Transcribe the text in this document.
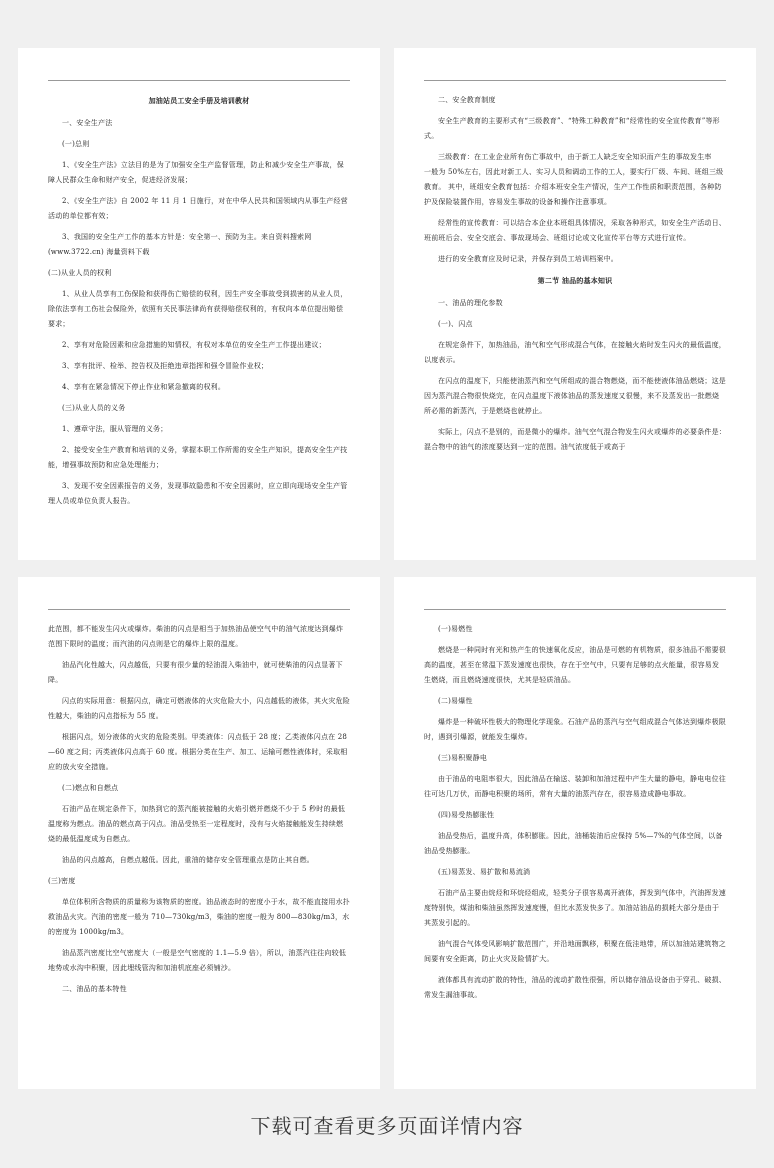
加油站员工安全手册及培训教材

一、安全生产法

(一)总则

1、《安全生产法》立法目的是为了加强安全生产监督管理，防止和减少安全生产事故，保障人民群众生命和财产安全，促进经济发展；

2、《安全生产法》自 2002 年 11 月 1 日施行，对在中华人民共和国领域内从事生产经营活动的单位都有效；

3、我国的安全生产工作的基本方针是：安全第一、预防为主。来自资料搜索网(www.3722.cn) 海量资料下载

(二)从业人员的权利

1、从业人员享有工伤保险和获得伤亡赔偿的权利，因生产安全事故受到损害的从业人员，除依法享有工伤社会保险外，依照有关民事法律尚有获得赔偿权利的，有权向本单位提出赔偿要求；

2、享有对危险因素和应急措施的知情权，有权对本单位的安全生产工作提出建议；

3、享有批评、检举、控告权及拒绝违章指挥和强令冒险作业权；

4、享有在紧急情况下停止作业和紧急撤离的权利。

(三)从业人员的义务

1、遵章守法，服从管理的义务；

2、接受安全生产教育和培训的义务，掌握本职工作所需的安全生产知识，提高安全生产技能，增强事故预防和应急处理能力；

3、发现不安全因素报告的义务，发现事故隐患和不安全因素时，应立即向现场安全生产管理人员或单位负责人报告。

二、安全教育制度

安全生产教育的主要形式有“三级教育”、“特殊工种教育”和“经常性的安全宣传教育”等形式。

三级教育：在工业企业所有伤亡事故中，由于新工人缺乏安全知识而产生的事故发生率　　　　一般为 50%左右，因此对新工人、实习人员和调动工作的工人，要实行厂级、车间、班组三级教育。 其中，班组安全教育包括：介绍本班安全生产情况，生产工作性质和职责范围，各种防护及保险装置作用，容易发生事故的设备和操作注意事项。

经常性的宣传教育：可以结合本企业本班组具体情况，采取各种形式，如安全生产活动日、班前班后会、安全交底会、事故现场会、班组讨论或文化宣传平台等方式进行宣传。

进行的安全教育应及时记录，并保存到员工培训档案中。

第二节 油品的基本知识

一、油品的理化参数

(一)、闪点

在规定条件下，加热油品，油气和空气形成混合气体，在接触火焰时发生闪火的最低温度，以度表示。

在闪点的温度下，只能使油蒸汽和空气所组成的混合物燃烧，而不能使液体油品燃烧；这是因为蒸汽混合物很快烧完，在闪点温度下液体油品的蒸发速度又很慢，来不及蒸发出一批燃烧所必需的新蒸汽，于是燃烧也就停止。

实际上，闪点不是别的，而是微小的爆炸。油气空气混合物发生闪火或爆炸的必要条件是：混合物中的油气的浓度要达到一定的范围。油气浓度低于或高于

此范围，都不能发生闪火或爆炸。柴油的闪点是相当于加热油品使空气中的油气浓度达到爆炸范围下限时的温度；而汽油的闪点则是它的爆炸上限的温度。

油品汽化性越大，闪点越低，只要有很少量的轻油混入柴油中，就可使柴油的闪点显著下降。

闪点的实际用意：根据闪点，确定可燃液体的火灾危险大小，闪点越低的液体，其火灾危险性越大，柴油的闪点指标为 55 度。

根据闪点，划分液体的火灾的危险类别。甲类液体：闪点低于 28 度；乙类液体闪点在 28—60 度之间；丙类液体闪点高于 60 度。根据分类在生产、加工、运输可燃性液体时，采取相应的放火安全措施。

(二)燃点和自燃点

石油产品在规定条件下，加热到它的蒸汽能被接触的火焰引燃并燃烧不少于 5 秒时的最低温度称为燃点。油品的燃点高于闪点。油品受热至一定程度时，没有与火焰接触能发生持续燃烧的最低温度成为自燃点。

油品的闪点越高，自燃点越低。因此，重油的储存安全管理重点是防止其自燃。

(三)密度

单位体积所含物质的质量称为该物质的密度。油品液态时的密度小于水，故不能直接用水扑救油品火灾。汽油的密度一般为 710—730kg/m3，柴油的密度一般为 800—830kg/m3，水的密度为 1000kg/m3。

油品蒸汽密度比空气密度大（一般是空气密度的 1.1—5.9 倍），所以，油蒸汽往往向较低地势或水沟中积聚，因此埋线管沟和加油机底座必须铺沙。

二、油品的基本特性

(一)易燃性

燃烧是一种同时有光和热产生的快速氧化反应，油品是可燃的有机物质，很多油品不需要很高的温度，甚至在常温下蒸发速度也很快，存在于空气中，只要有足够的点火能量，很容易发生燃烧，而且燃烧速度很快，尤其是轻质油品。

(二)易爆性

爆炸是一种破坏性极大的物理化学现象。石油产品的蒸汽与空气组成混合气体达到爆炸极限时，遇到引爆源，就能发生爆炸。

(三)易积聚静电

由于油品的电阻率很大，因此油品在输送、装卸和加油过程中产生大量的静电，静电电位往往可达几万伏，而静电积聚的场所，常有大量的油蒸汽存在，很容易造成静电事故。

(四)易受热膨胀性

油品受热后，温度升高，体积膨胀。因此，油桶装油后应保持 5%—7%的气体空间，以备油品受热膨胀。

(五)易蒸发、易扩散和易流淌

石油产品主要由烷烃和环烷烃组成，轻类分子很容易离开液体，挥发到气体中，汽油挥发速度特别快，煤油和柴油虽然挥发速度慢，但比水蒸发快多了。加油站油品的损耗大部分是由于其蒸发引起的。

油气混合气体受风影响扩散范围广，并沿地面飘移，积聚在低洼地带，所以加油站建筑物之间要有安全距离，防止火灾及险情扩大。

液体都具有流动扩散的特性，油品的流动扩散性很强，所以储存油品设备由于穿孔、破损、常发生漏油事故。

下载可查看更多页面详情内容
